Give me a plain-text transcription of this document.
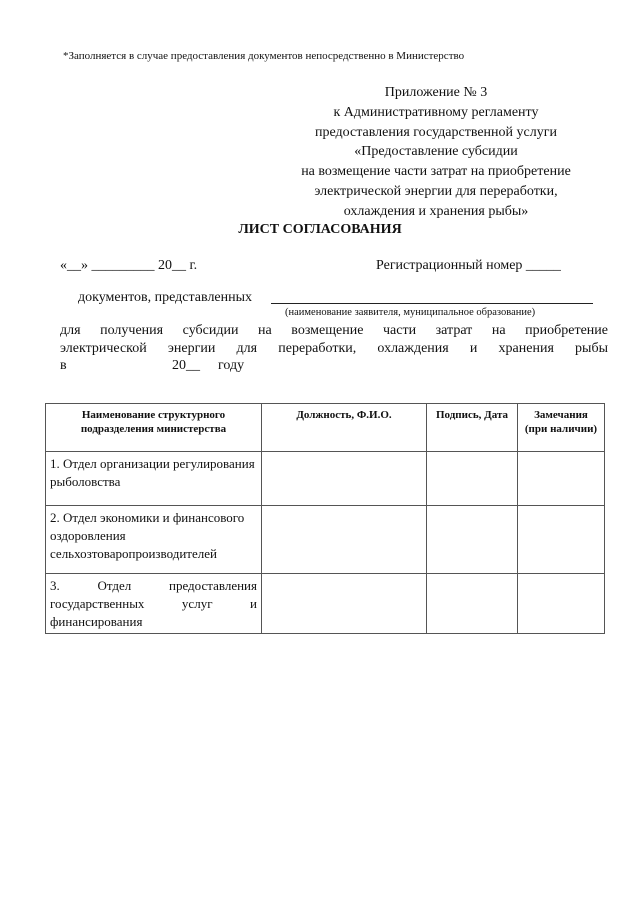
*Заполняется в случае предоставления документов непосредственно в Министерство
Приложение № 3
к Административному регламенту
предоставления государственной услуги
«Предоставление субсидии
на возмещение части затрат на приобретение
электрической энергии для переработки,
охлаждения и хранения рыбы»
ЛИСТ СОГЛАСОВАНИЯ
«__» _________ 20__ г.	Регистрационный номер _____
документов, представленных
(наименование заявителя, муниципальное образование)
для получения субсидии на возмещение части затрат на приобретение
электрической энергии для переработки, охлаждения и хранения рыбы
в	20__ году
Наименование структурного подразделения министерства	Должность, Ф.И.О.	Подпись, Дата	Замечания (при наличии)
1. Отдел организации регулирования рыболовства			
2. Отдел экономики и финансового оздоровления сельхозтоваропроизводителей			
3. Отдел предоставления государственных услуг и финансирования			
